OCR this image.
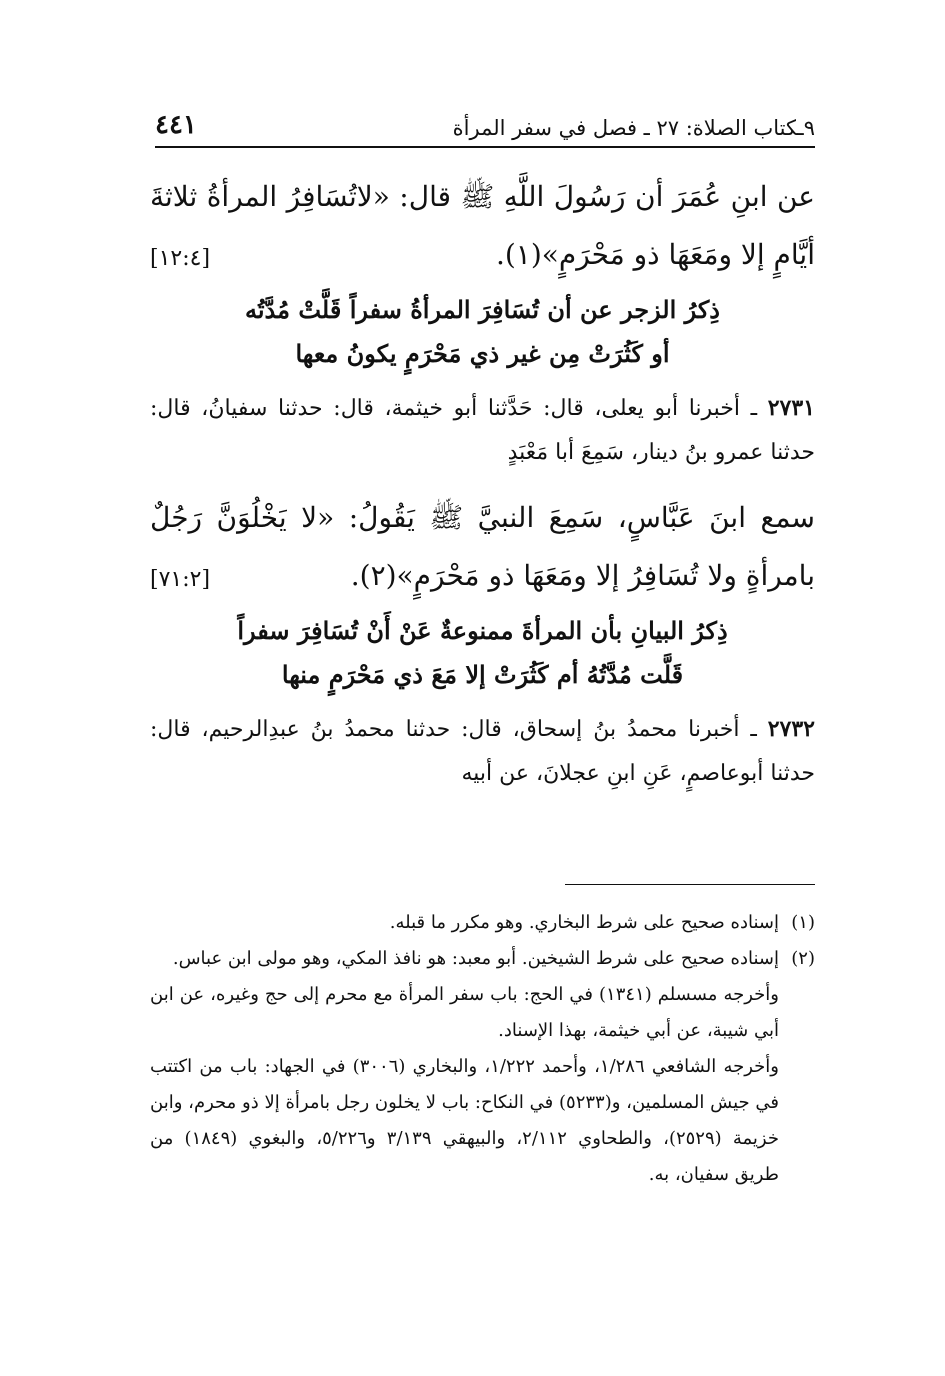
٩ـكتاب الصلاة: ٢٧ ـ فصل في سفر المرأة
٤٤١

عن ابنِ عُمَرَ أن رَسُولَ اللَّهِ ﷺ قال: «لاتُسَافِرُ المرأةُ ثلاثةَ أيَّامٍ إلا ومَعَهَا ذو مَحْرَمٍ»(١).
[١٢:٤]

ذِكرُ الزجر عن أن تُسَافِرَ المرأةُ سفراً قَلَّتْ مُدَّتُه
أو كَثُرَتْ مِن غير ذي مَحْرَمٍ يكونُ معها

٢٧٣١ ـ أخبرنا أبو يعلى، قال: حَدَّثنا أبو خيثمة، قال: حدثنا سفيانُ، قال: حدثنا عمرو بنُ دينار، سَمِعَ أبا مَعْبَدٍ

سمع ابنَ عَبَّاسٍ، سَمِعَ النبيَّ ﷺ يَقُولُ: «لا يَخْلُوَنَّ رَجُلٌ بامرأةٍ ولا تُسَافِرُ إلا ومَعَهَا ذو مَحْرَمٍ»(٢).
[٧١:٢]

ذِكرُ البيانِ بأن المرأةَ ممنوعةٌ عَنْ أَنْ تُسَافِرَ سفراً
قَلَّت مُدَّتُهُ أم كَثُرَتْ إلا مَعَ ذي مَحْرَمٍ منها

٢٧٣٢ ـ أخبرنا محمدُ بنُ إسحاق، قال: حدثنا محمدُ بنُ عبدِالرحيم، قال: حدثنا أبوعاصمٍ، عَنِ ابنِ عجلانَ، عن أبيه

(١)إسناده صحيح على شرط البخاري. وهو مكرر ما قبله.

(٢)إسناده صحيح على شرط الشيخين. أبو معبد: هو نافذ المكي، وهو مولى ابن عباس.

وأخرجه مسسلم (١٣٤١) في الحج: باب سفر المرأة مع محرم إلى حج وغيره، عن ابن أبي شيبة، عن أبي خيثمة، بهذا الإسناد.

وأخرجه الشافعي ١/٢٨٦، وأحمد ١/٢٢٢، والبخاري (٣٠٠٦) في الجهاد: باب من اكتتب في جيش المسلمين، و(٥٢٣٣) في النكاح: باب لا يخلون رجل بامرأة إلا ذو محرم، وابن خزيمة (٢٥٢٩)، والطحاوي ٢/١١٢، والبيهقي ٣/١٣٩ و٥/٢٢٦، والبغوي (١٨٤٩) من طريق سفيان، به.
